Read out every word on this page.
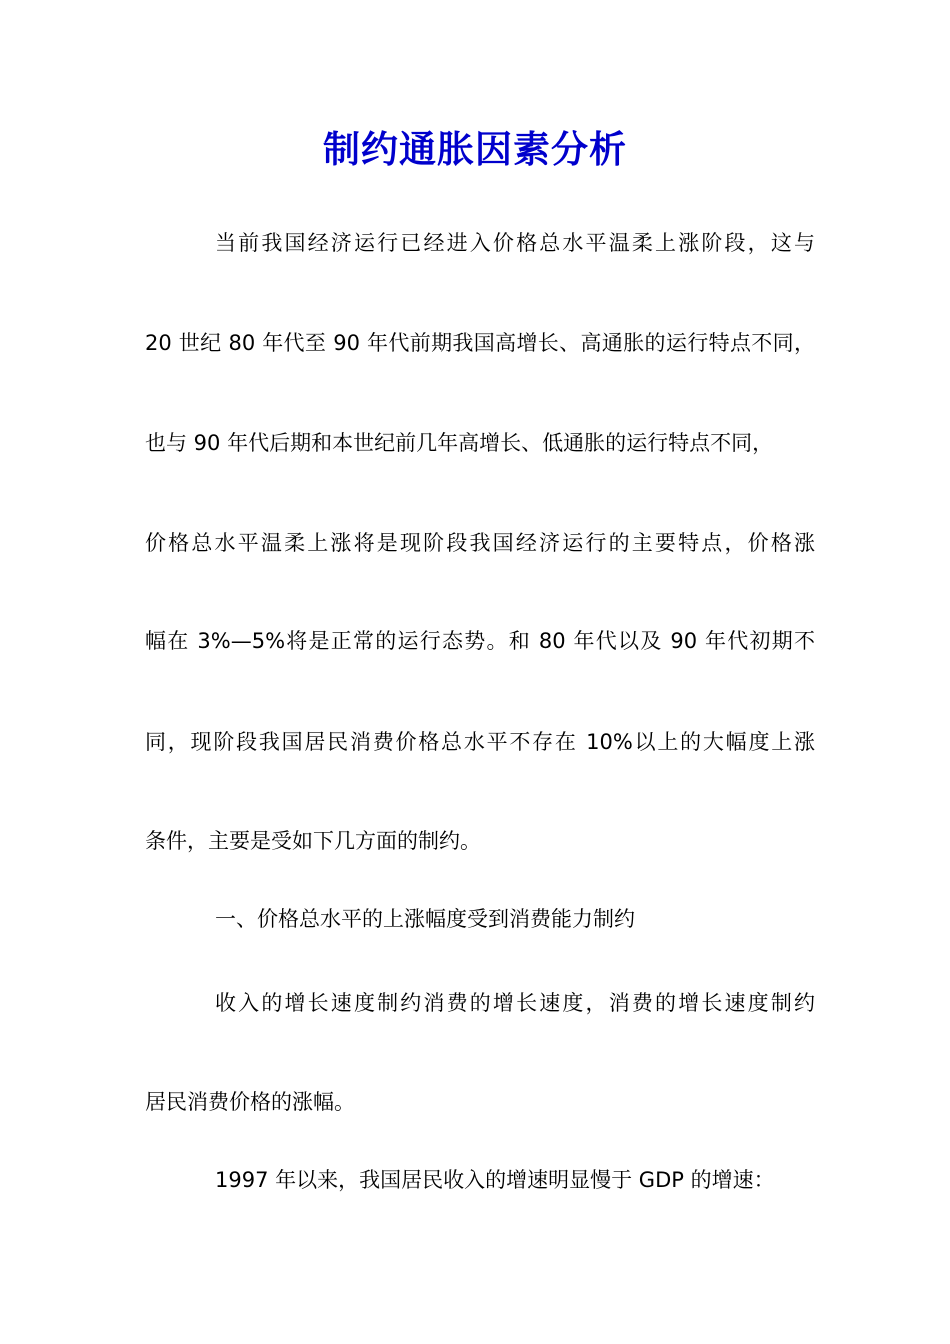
制约通胀因素分析

当前我国经济运行已经进入价格总水平温柔上涨阶段，这与

20 世纪 80 年代至 90 年代前期我国高增长、高通胀的运行特点不同，

也与 90 年代后期和本世纪前几年高增长、低通胀的运行特点不同，

价格总水平温柔上涨将是现阶段我国经济运行的主要特点，价格涨

幅在 3%—5%将是正常的运行态势。和 80 年代以及 90 年代初期不

同，现阶段我国居民消费价格总水平不存在 10%以上的大幅度上涨

条件，主要是受如下几方面的制约。

一、价格总水平的上涨幅度受到消费能力制约

收入的增长速度制约消费的增长速度，消费的增长速度制约

居民消费价格的涨幅。

1997 年以来，我国居民收入的增速明显慢于 GDP 的增速：
